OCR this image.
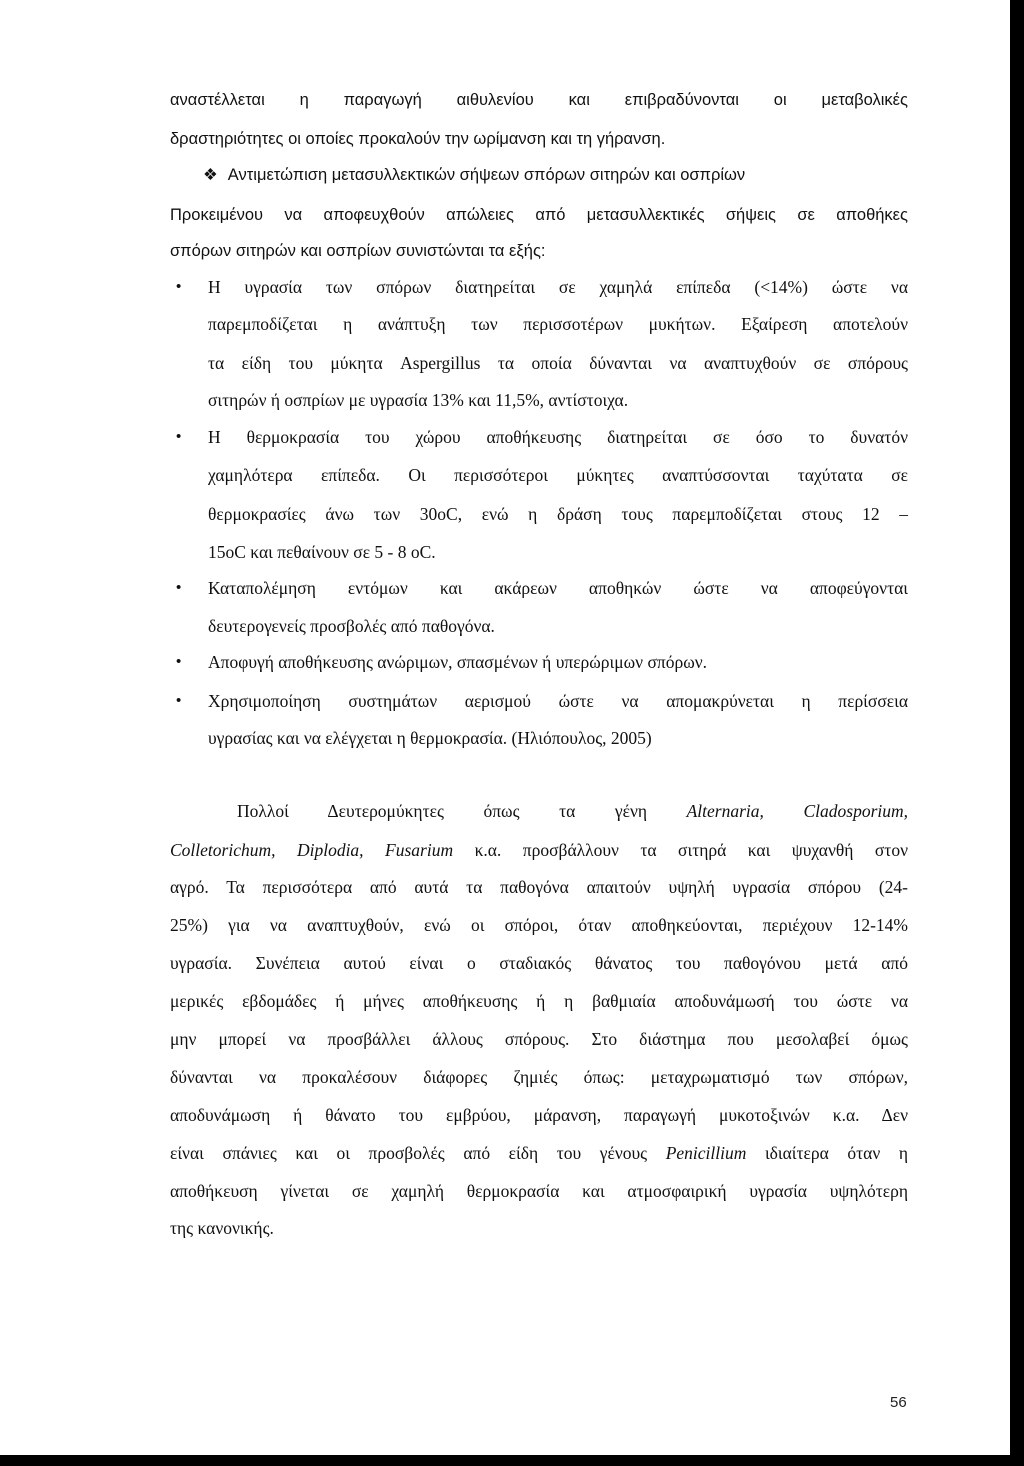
αναστέλλεται η παραγωγή αιθυλενίου και επιβραδύνονται οι μεταβολικές
δραστηριότητες οι οποίες προκαλούν την ωρίμανση και τη γήρανση.
❖ Αντιμετώπιση μετασυλλεκτικών σήψεων σπόρων σιτηρών και οσπρίων
Προκειμένου να αποφευχθούν απώλειες από μετασυλλεκτικές σήψεις σε αποθήκες
σπόρων σιτηρών και οσπρίων συνιστώνται τα εξής:
• Η υγρασία των σπόρων διατηρείται σε χαμηλά επίπεδα (<14%) ώστε να
παρεμποδίζεται η ανάπτυξη των περισσοτέρων μυκήτων. Εξαίρεση αποτελούν
τα είδη του μύκητα Aspergillus τα οποία δύνανται να αναπτυχθούν σε σπόρους
σιτηρών ή οσπρίων με υγρασία 13% και 11,5%, αντίστοιχα.
• Η θερμοκρασία του χώρου αποθήκευσης διατηρείται σε όσο το δυνατόν
χαμηλότερα επίπεδα. Οι περισσότεροι μύκητες αναπτύσσονται ταχύτατα σε
θερμοκρασίες άνω των 30oC, ενώ η δράση τους παρεμποδίζεται στους 12 –
15oC και πεθαίνουν σε 5 - 8 oC.
• Καταπολέμηση εντόμων και ακάρεων αποθηκών ώστε να αποφεύγονται
δευτερογενείς προσβολές από παθογόνα.
• Αποφυγή αποθήκευσης ανώριμων, σπασμένων ή υπερώριμων σπόρων.
• Χρησιμοποίηση συστημάτων αερισμού ώστε να απομακρύνεται η περίσσεια
υγρασίας και να ελέγχεται η θερμοκρασία. (Ηλιόπουλος, 2005)
Πολλοί Δευτερομύκητες όπως τα γένη Alternaria, Cladosporium,
Colletorichum, Diplodia, Fusarium κ.α. προσβάλλουν τα σιτηρά και ψυχανθή στον
αγρό. Τα περισσότερα από αυτά τα παθογόνα απαιτούν υψηλή υγρασία σπόρου (24-
25%) για να αναπτυχθούν, ενώ οι σπόροι, όταν αποθηκεύονται, περιέχουν 12-14%
υγρασία. Συνέπεια αυτού είναι ο σταδιακός θάνατος του παθογόνου μετά από
μερικές εβδομάδες ή μήνες αποθήκευσης ή η βαθμιαία αποδυνάμωσή του ώστε να
μην μπορεί να προσβάλλει άλλους σπόρους. Στο διάστημα που μεσολαβεί όμως
δύνανται να προκαλέσουν διάφορες ζημιές όπως: μεταχρωματισμό των σπόρων,
αποδυνάμωση ή θάνατο του εμβρύου, μάρανση, παραγωγή μυκοτοξινών κ.α. Δεν
είναι σπάνιες και οι προσβολές από είδη του γένους Penicillium ιδιαίτερα όταν η
αποθήκευση γίνεται σε χαμηλή θερμοκρασία και ατμοσφαιρική υγρασία υψηλότερη
της κανονικής.
56
